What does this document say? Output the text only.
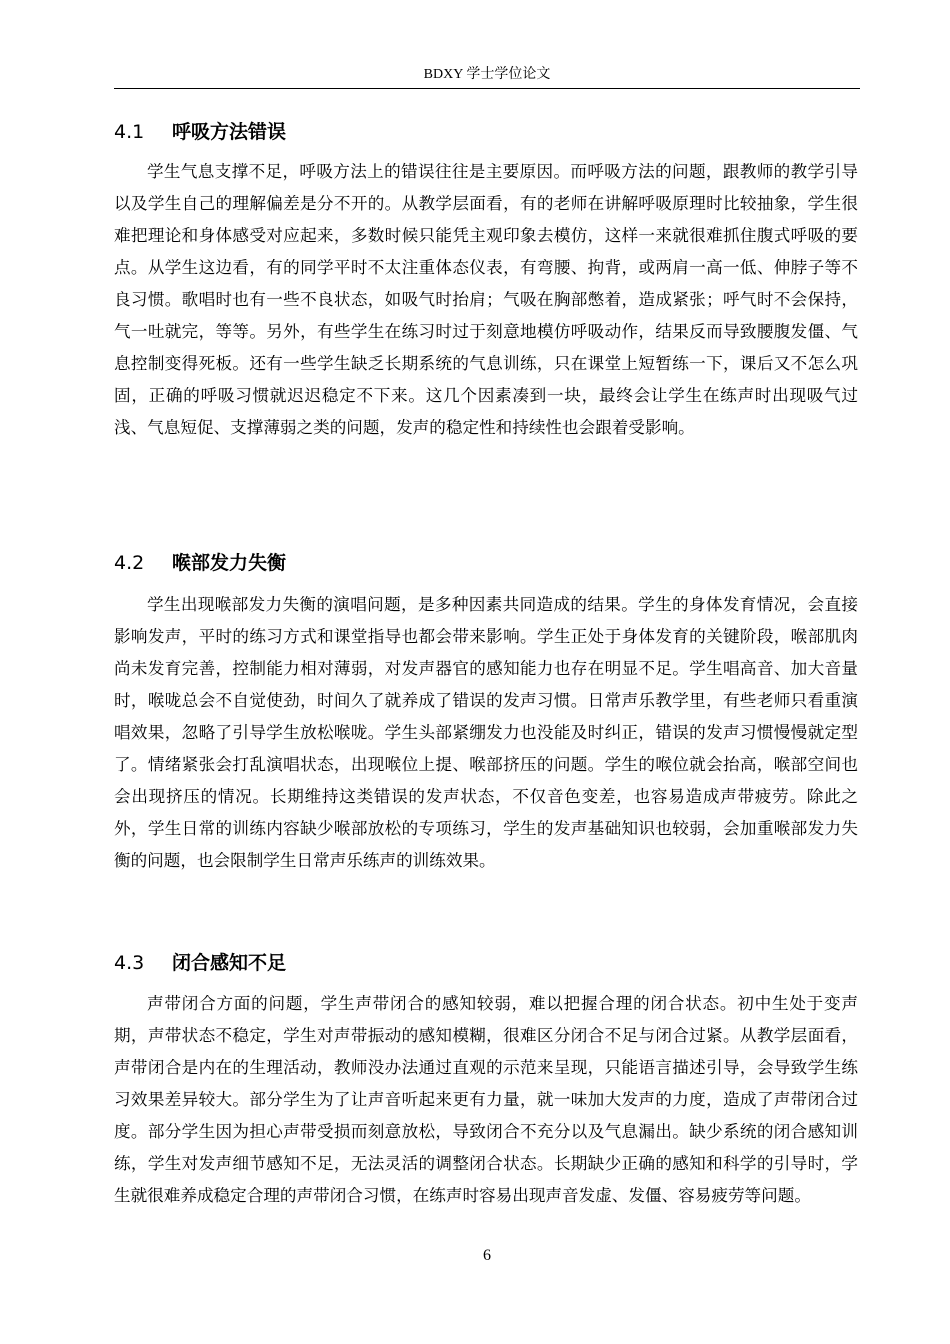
BDXY 学士学位论文
4.1 呼吸方法错误

学生气息支撑不足，呼吸方法上的错误往往是主要原因。而呼吸方法的问题，跟教师的教学引导以及学生自己的理解偏差是分不开的。从教学层面看，有的老师在讲解呼吸原理时比较抽象，学生很难把理论和身体感受对应起来，多数时候只能凭主观印象去模仿，这样一来就很难抓住腹式呼吸的要点。从学生这边看，有的同学平时不太注重体态仪表，有弯腰、拘背，或两肩一高一低、伸脖子等不良习惯。歌唱时也有一些不良状态，如吸气时抬肩；气吸在胸部憋着，造成紧张；呼气时不会保持，气一吐就完，等等。另外，有些学生在练习时过于刻意地模仿呼吸动作，结果反而导致腰腹发僵、气息控制变得死板。还有一些学生缺乏长期系统的气息训练，只在课堂上短暂练一下，课后又不怎么巩固，正确的呼吸习惯就迟迟稳定不下来。这几个因素凑到一块，最终会让学生在练声时出现吸气过浅、气息短促、支撑薄弱之类的问题，发声的稳定性和持续性也会跟着受影响。

4.2 喉部发力失衡

学生出现喉部发力失衡的演唱问题，是多种因素共同造成的结果。学生的身体发育情况，会直接影响发声，平时的练习方式和课堂指导也都会带来影响。学生正处于身体发育的关键阶段，喉部肌肉尚未发育完善，控制能力相对薄弱，对发声器官的感知能力也存在明显不足。学生唱高音、加大音量时，喉咙总会不自觉使劲，时间久了就养成了错误的发声习惯。日常声乐教学里，有些老师只看重演唱效果，忽略了引导学生放松喉咙。学生头部紧绷发力也没能及时纠正，错误的发声习惯慢慢就定型了。情绪紧张会打乱演唱状态，出现喉位上提、喉部挤压的问题。学生的喉位就会抬高，喉部空间也会出现挤压的情况。长期维持这类错误的发声状态，不仅音色变差，也容易造成声带疲劳。除此之外，学生日常的训练内容缺少喉部放松的专项练习，学生的发声基础知识也较弱，会加重喉部发力失衡的问题，也会限制学生日常声乐练声的训练效果。

4.3 闭合感知不足

声带闭合方面的问题，学生声带闭合的感知较弱，难以把握合理的闭合状态。初中生处于变声期，声带状态不稳定，学生对声带振动的感知模糊，很难区分闭合不足与闭合过紧。从教学层面看，声带闭合是内在的生理活动，教师没办法通过直观的示范来呈现，只能语言描述引导，会导致学生练习效果差异较大。部分学生为了让声音听起来更有力量，就一味加大发声的力度，造成了声带闭合过度。部分学生因为担心声带受损而刻意放松，导致闭合不充分以及气息漏出。缺少系统的闭合感知训练，学生对发声细节感知不足，无法灵活的调整闭合状态。长期缺少正确的感知和科学的引导时，学生就很难养成稳定合理的声带闭合习惯，在练声时容易出现声音发虚、发僵、容易疲劳等问题。

6
